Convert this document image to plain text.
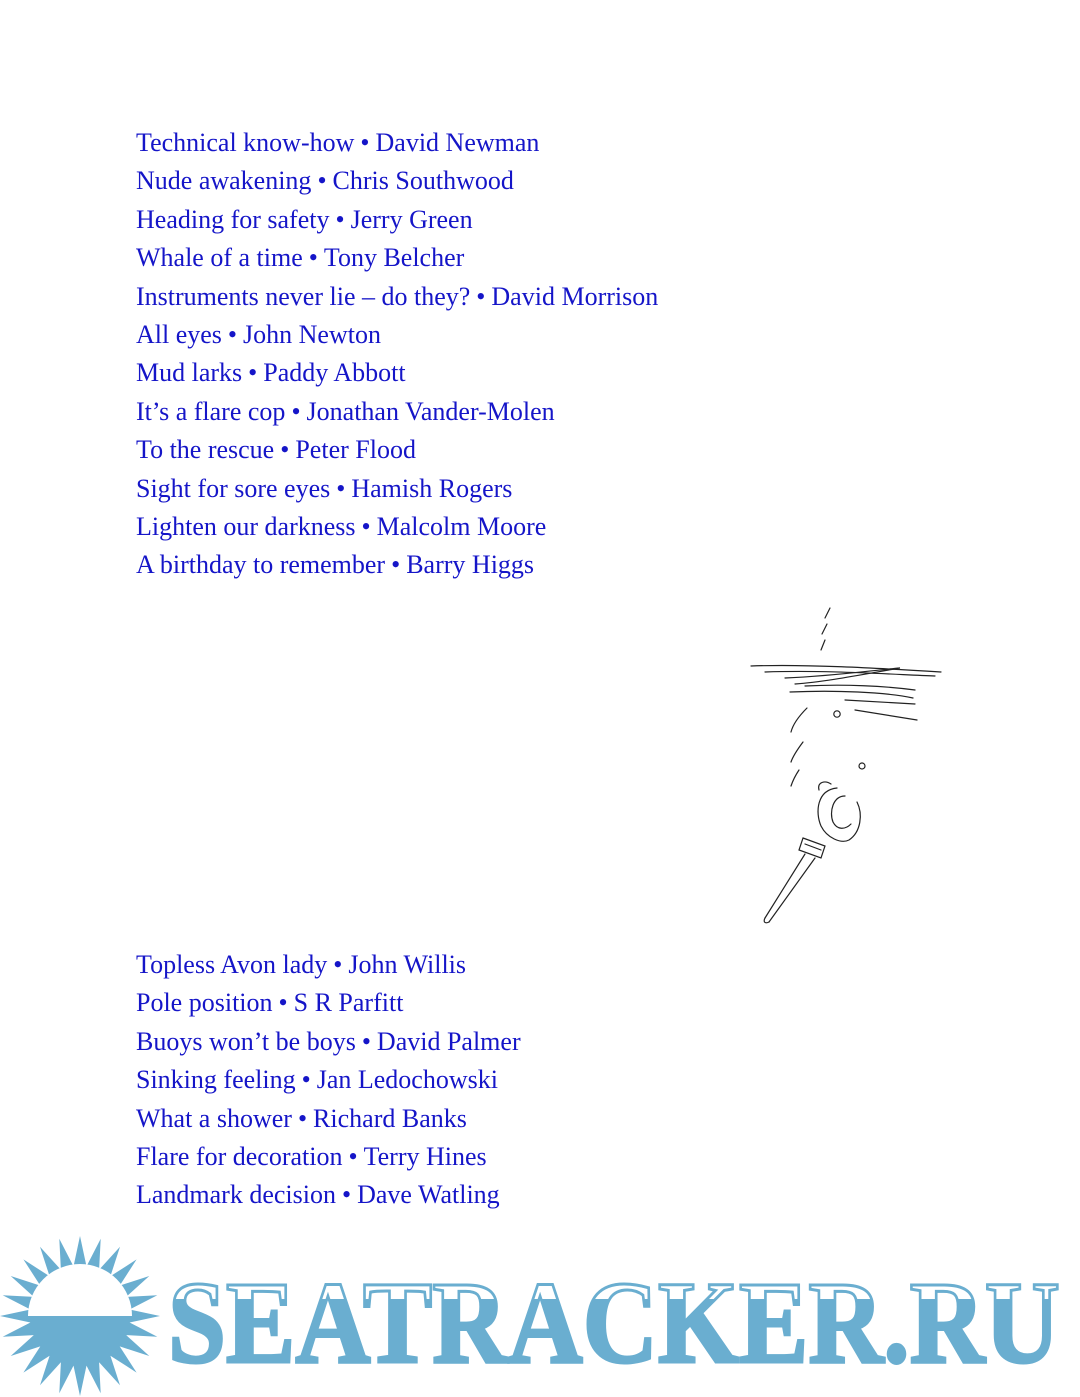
Technical know-how • David Newman
Nude awakening • Chris Southwood
Heading for safety • Jerry Green
Whale of a time • Tony Belcher
Instruments never lie – do they? • David Morrison
All eyes • John Newton
Mud larks • Paddy Abbott
It’s a flare cop • Jonathan Vander-Molen
To the rescue • Peter Flood
Sight for sore eyes • Hamish Rogers
Lighten our darkness • Malcolm Moore
A birthday to remember • Barry Higgs
Topless Avon lady • John Willis
Pole position • S R Parfitt
Buoys won’t be boys • David Palmer
Sinking feeling • Jan Ledochowski
What a shower • Richard Banks
Flare for decoration • Terry Hines
Landmark decision • Dave Watling
SEATRACKER.RU
